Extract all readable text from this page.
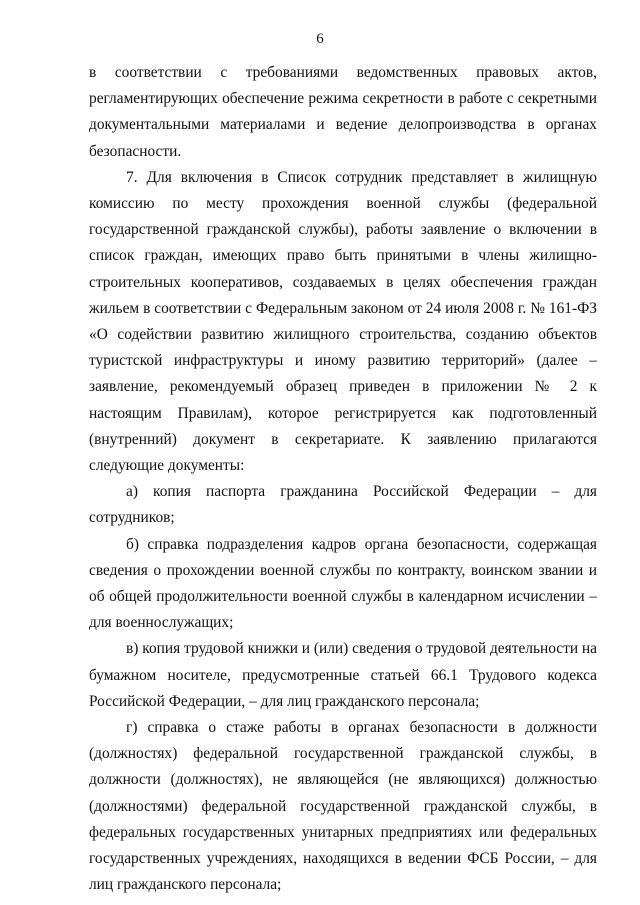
6

в соответствии с требованиями ведомственных правовых актов, регламентирующих обеспечение режима секретности в работе с секретными документальными материалами и ведение делопроизводства в органах безопасности.

7. Для включения в Список сотрудник представляет в жилищную комиссию по месту прохождения военной службы (федеральной государственной гражданской службы), работы заявление о включении в список граждан, имеющих право быть принятыми в члены жилищно-строительных кооперативов, создаваемых в целях обеспечения граждан жильем в соответствии с Федеральным законом от 24 июля 2008 г. № 161-ФЗ «О содействии развитию жилищного строительства, созданию объектов туристской инфраструктуры и иному развитию территорий» (далее – заявление, рекомендуемый образец приведен в приложении № 2 к настоящим Правилам), которое регистрируется как подготовленный (внутренний) документ в секретариате. К заявлению прилагаются следующие документы:

а) копия паспорта гражданина Российской Федерации – для сотрудников;

б) справка подразделения кадров органа безопасности, содержащая сведения о прохождении военной службы по контракту, воинском звании и об общей продолжительности военной службы в календарном исчислении – для военнослужащих;

в) копия трудовой книжки и (или) сведения о трудовой деятельности на бумажном носителе, предусмотренные статьей 66.1 Трудового кодекса Российской Федерации, – для лиц гражданского персонала;

г) справка о стаже работы в органах безопасности в должности (должностях) федеральной государственной гражданской службы, в должности (должностях), не являющейся (не являющихся) должностью (должностями) федеральной государственной гражданской службы, в федеральных государственных унитарных предприятиях или федеральных государственных учреждениях, находящихся в ведении ФСБ России, – для лиц гражданского персонала;
